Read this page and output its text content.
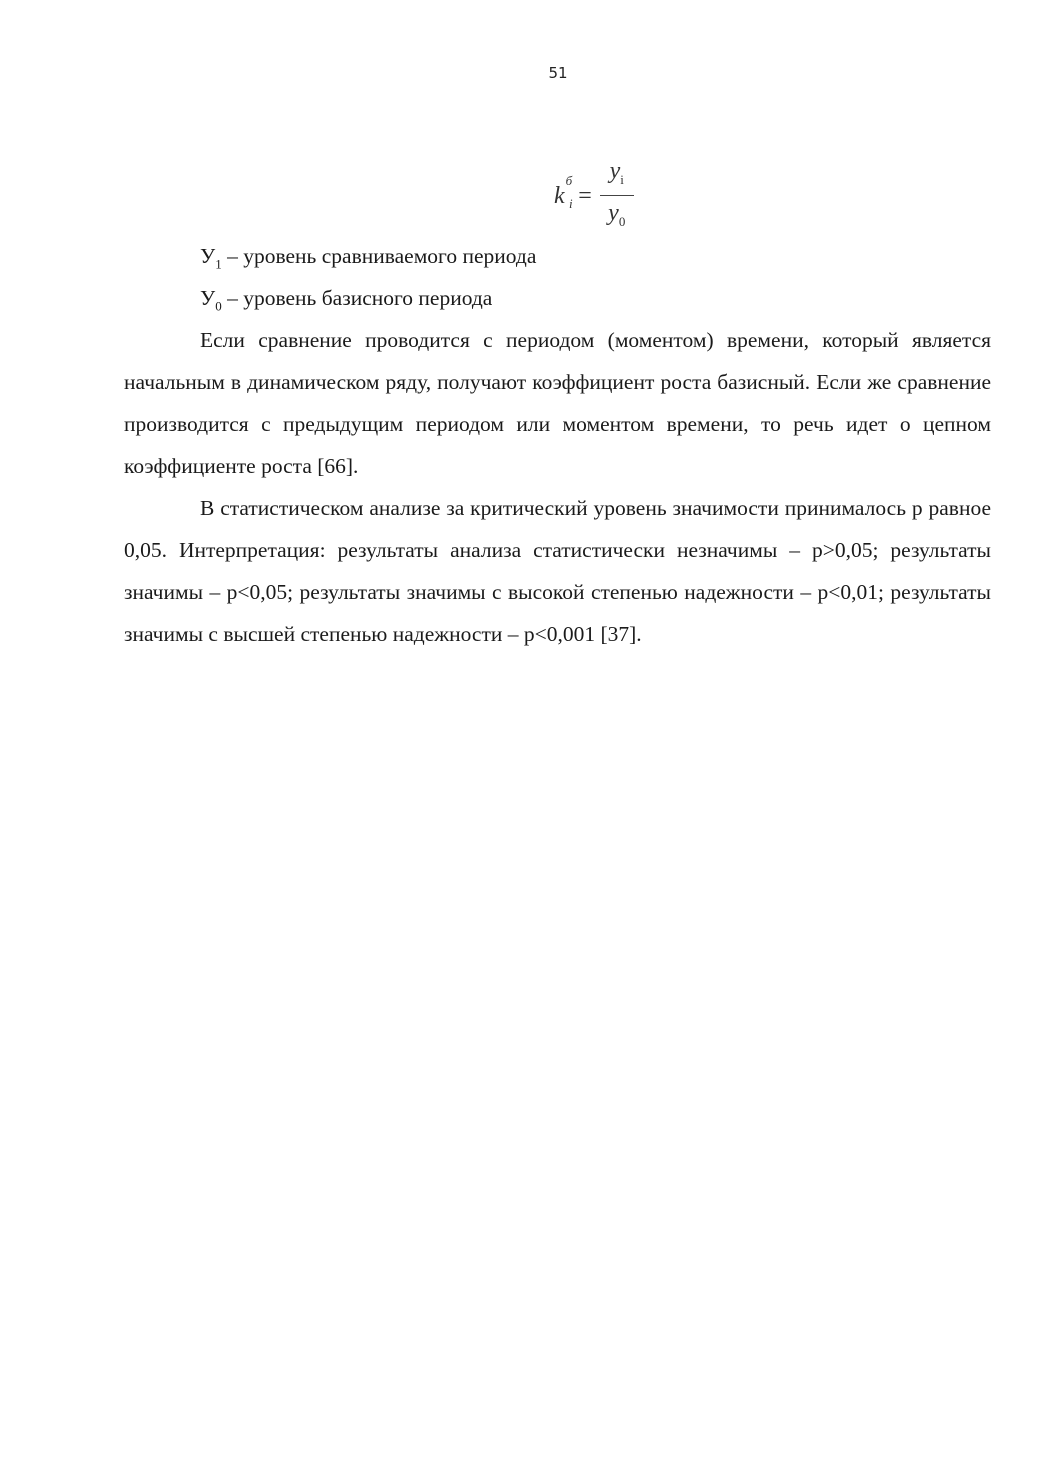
51
$k^б$
$i = \frac{y_i}{y_0}$

$У_1$ – уровень сравниваемого периода

$У_0$ – уровень базисного периода

Если сравнение проводится с периодом (моментом) времени, который является начальным в динамическом ряду, получают коэффициент роста базисный. Если же сравнение производится с предыдущим периодом или моментом времени, то речь идет о цепном коэффициенте роста [66].

В статистическом анализе за критический уровень значимости принималось р равное 0,05. Интерпретация: результаты анализа статистически незначимы – р>0,05; результаты значимы – р<0,05; результаты значимы с высокой степенью надежности – р<0,01; результаты значимы с высшей степенью надежности – р<0,001 [37].
